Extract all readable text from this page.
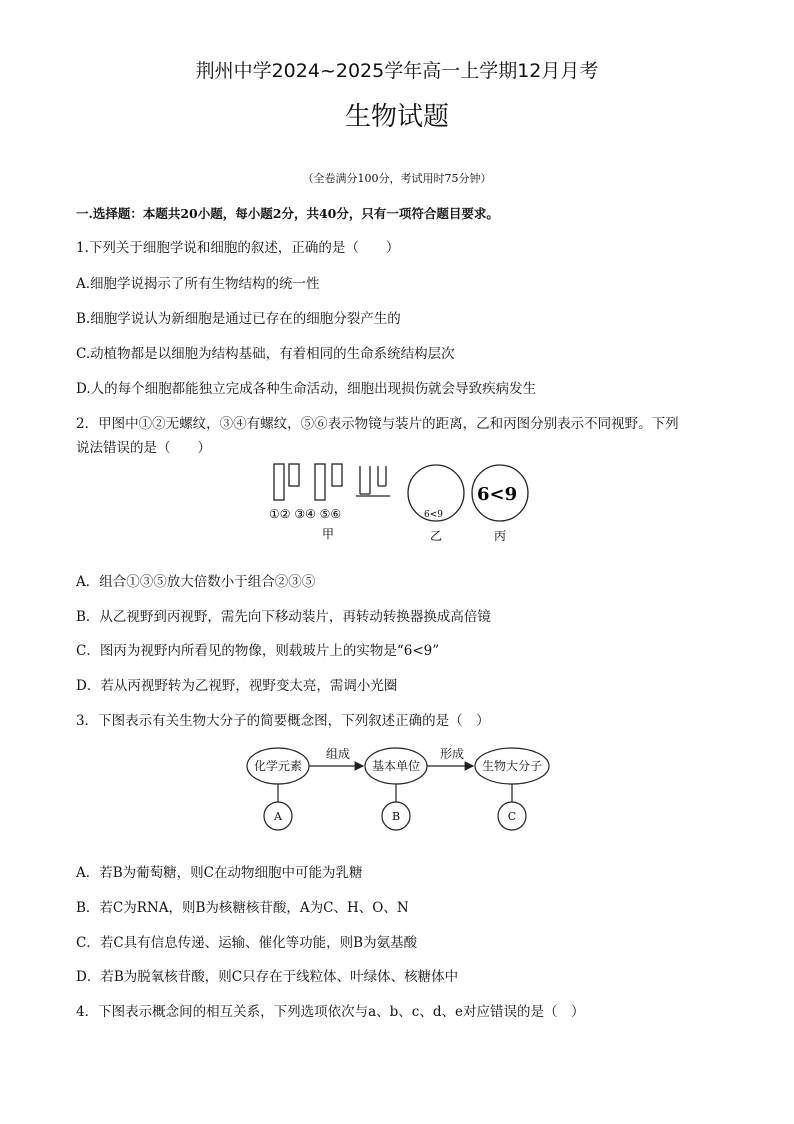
荆州中学2024~2025学年高一上学期12月月考
生物试题
（全卷满分100分，考试用时75分钟）
一.选择题：本题共20小题，每小题2分，共40分，只有一项符合题目要求。
1.下列关于细胞学说和细胞的叙述，正确的是（　　）
A.细胞学说揭示了所有生物结构的统一性
B.细胞学说认为新细胞是通过已存在的细胞分裂产生的
C.动植物都是以细胞为结构基础，有着相同的生命系统结构层次
D.人的每个细胞都能独立完成各种生命活动，细胞出现损伤就会导致疾病发生
2．甲图中①②无螺纹，③④有螺纹，⑤⑥表示物镜与装片的距离，乙和丙图分别表示不同视野。下列
说法错误的是（　　）
①② ③④ ⑤⑥
甲	乙	丙
6<9
6<9
A．组合①③⑤放大倍数小于组合②③⑤
B．从乙视野到丙视野，需先向下移动装片，再转动转换器换成高倍镜
C．图丙为视野内所看见的物像，则载玻片上的实物是“6<9”
D．若从丙视野转为乙视野，视野变太亮，需调小光圈
3．下图表示有关生物大分子的简要概念图，下列叙述正确的是（　）
化学元素	基本单位	生物大分子
组成	形成
A	B	C
A．若B为葡萄糖，则C在动物细胞中可能为乳糖
B．若C为RNA，则B为核糖核苷酸，A为C、H、O、N
C．若C具有信息传递、运输、催化等功能，则B为氨基酸
D．若B为脱氧核苷酸，则C只存在于线粒体、叶绿体、核糖体中
4．下图表示概念间的相互关系，下列选项依次与a、b、c、d、e对应错误的是（　）
